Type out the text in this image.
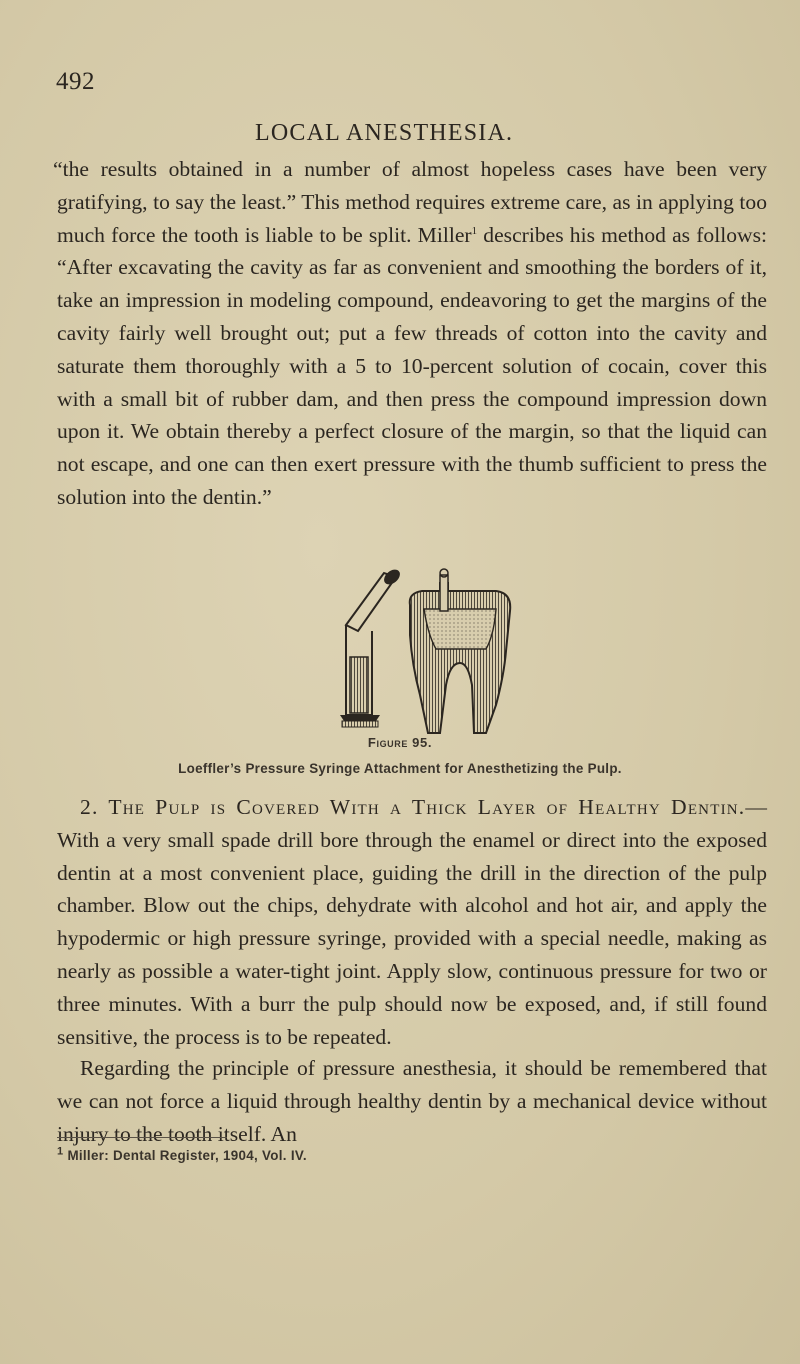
492
LOCAL ANESTHESIA.

“the results obtained in a number of almost hopeless cases have been very gratifying, to say the least.” This method requires extreme care, as in applying too much force the tooth is liable to be split. Miller$^1$ describes his method as follows: “After excavating the cavity as far as convenient and smoothing the borders of it, take an impression in modeling compound, endeavoring to get the margins of the cavity fairly well brought out; put a few threads of cotton into the cavity and saturate them thoroughly with a 5 to 10-percent solution of cocain, cover this with a small bit of rubber dam, and then press the compound impression down upon it. We obtain thereby a perfect closure of the margin, so that the liquid can not escape, and one can then exert pressure with the thumb sufficient to press the solution into the dentin.”

Figure 95.
Loeffler’s Pressure Syringe Attachment for Anesthetizing the Pulp.

2. The Pulp is Covered With a Thick Layer of Healthy Dentin.—With a very small spade drill bore through the enamel or direct into the exposed dentin at a most convenient place, guiding the drill in the direction of the pulp chamber. Blow out the chips, dehydrate with alcohol and hot air, and apply the hypodermic or high pressure syringe, provided with a special needle, making as nearly as possible a water-tight joint. Apply slow, continuous pressure for two or three minutes. With a burr the pulp should now be exposed, and, if still found sensitive, the process is to be repeated.

Regarding the principle of pressure anesthesia, it should be remembered that we can not force a liquid through healthy dentin by a mechanical device without injury to the tooth itself. An

$^1$ Miller: Dental Register, 1904, Vol. IV.
